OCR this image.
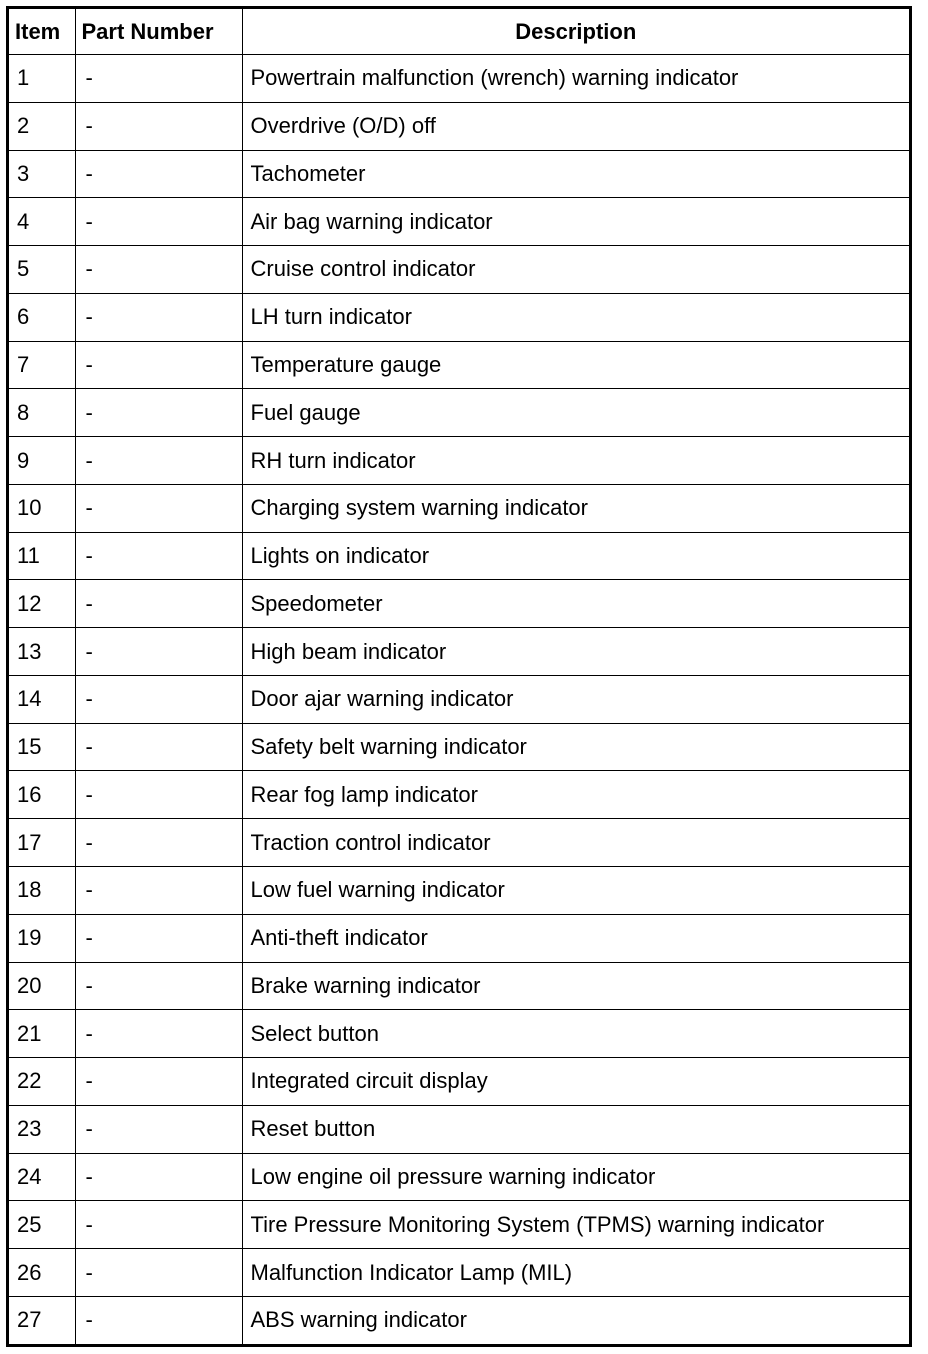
Item	Part Number	Description
1	-	Powertrain malfunction (wrench) warning indicator
2	-	Overdrive (O/D) off
3	-	Tachometer
4	-	Air bag warning indicator
5	-	Cruise control indicator
6	-	LH turn indicator
7	-	Temperature gauge
8	-	Fuel gauge
9	-	RH turn indicator
10	-	Charging system warning indicator
11	-	Lights on indicator
12	-	Speedometer
13	-	High beam indicator
14	-	Door ajar warning indicator
15	-	Safety belt warning indicator
16	-	Rear fog lamp indicator
17	-	Traction control indicator
18	-	Low fuel warning indicator
19	-	Anti-theft indicator
20	-	Brake warning indicator
21	-	Select button
22	-	Integrated circuit display
23	-	Reset button
24	-	Low engine oil pressure warning indicator
25	-	Tire Pressure Monitoring System (TPMS) warning indicator
26	-	Malfunction Indicator Lamp (MIL)
27	-	ABS warning indicator
